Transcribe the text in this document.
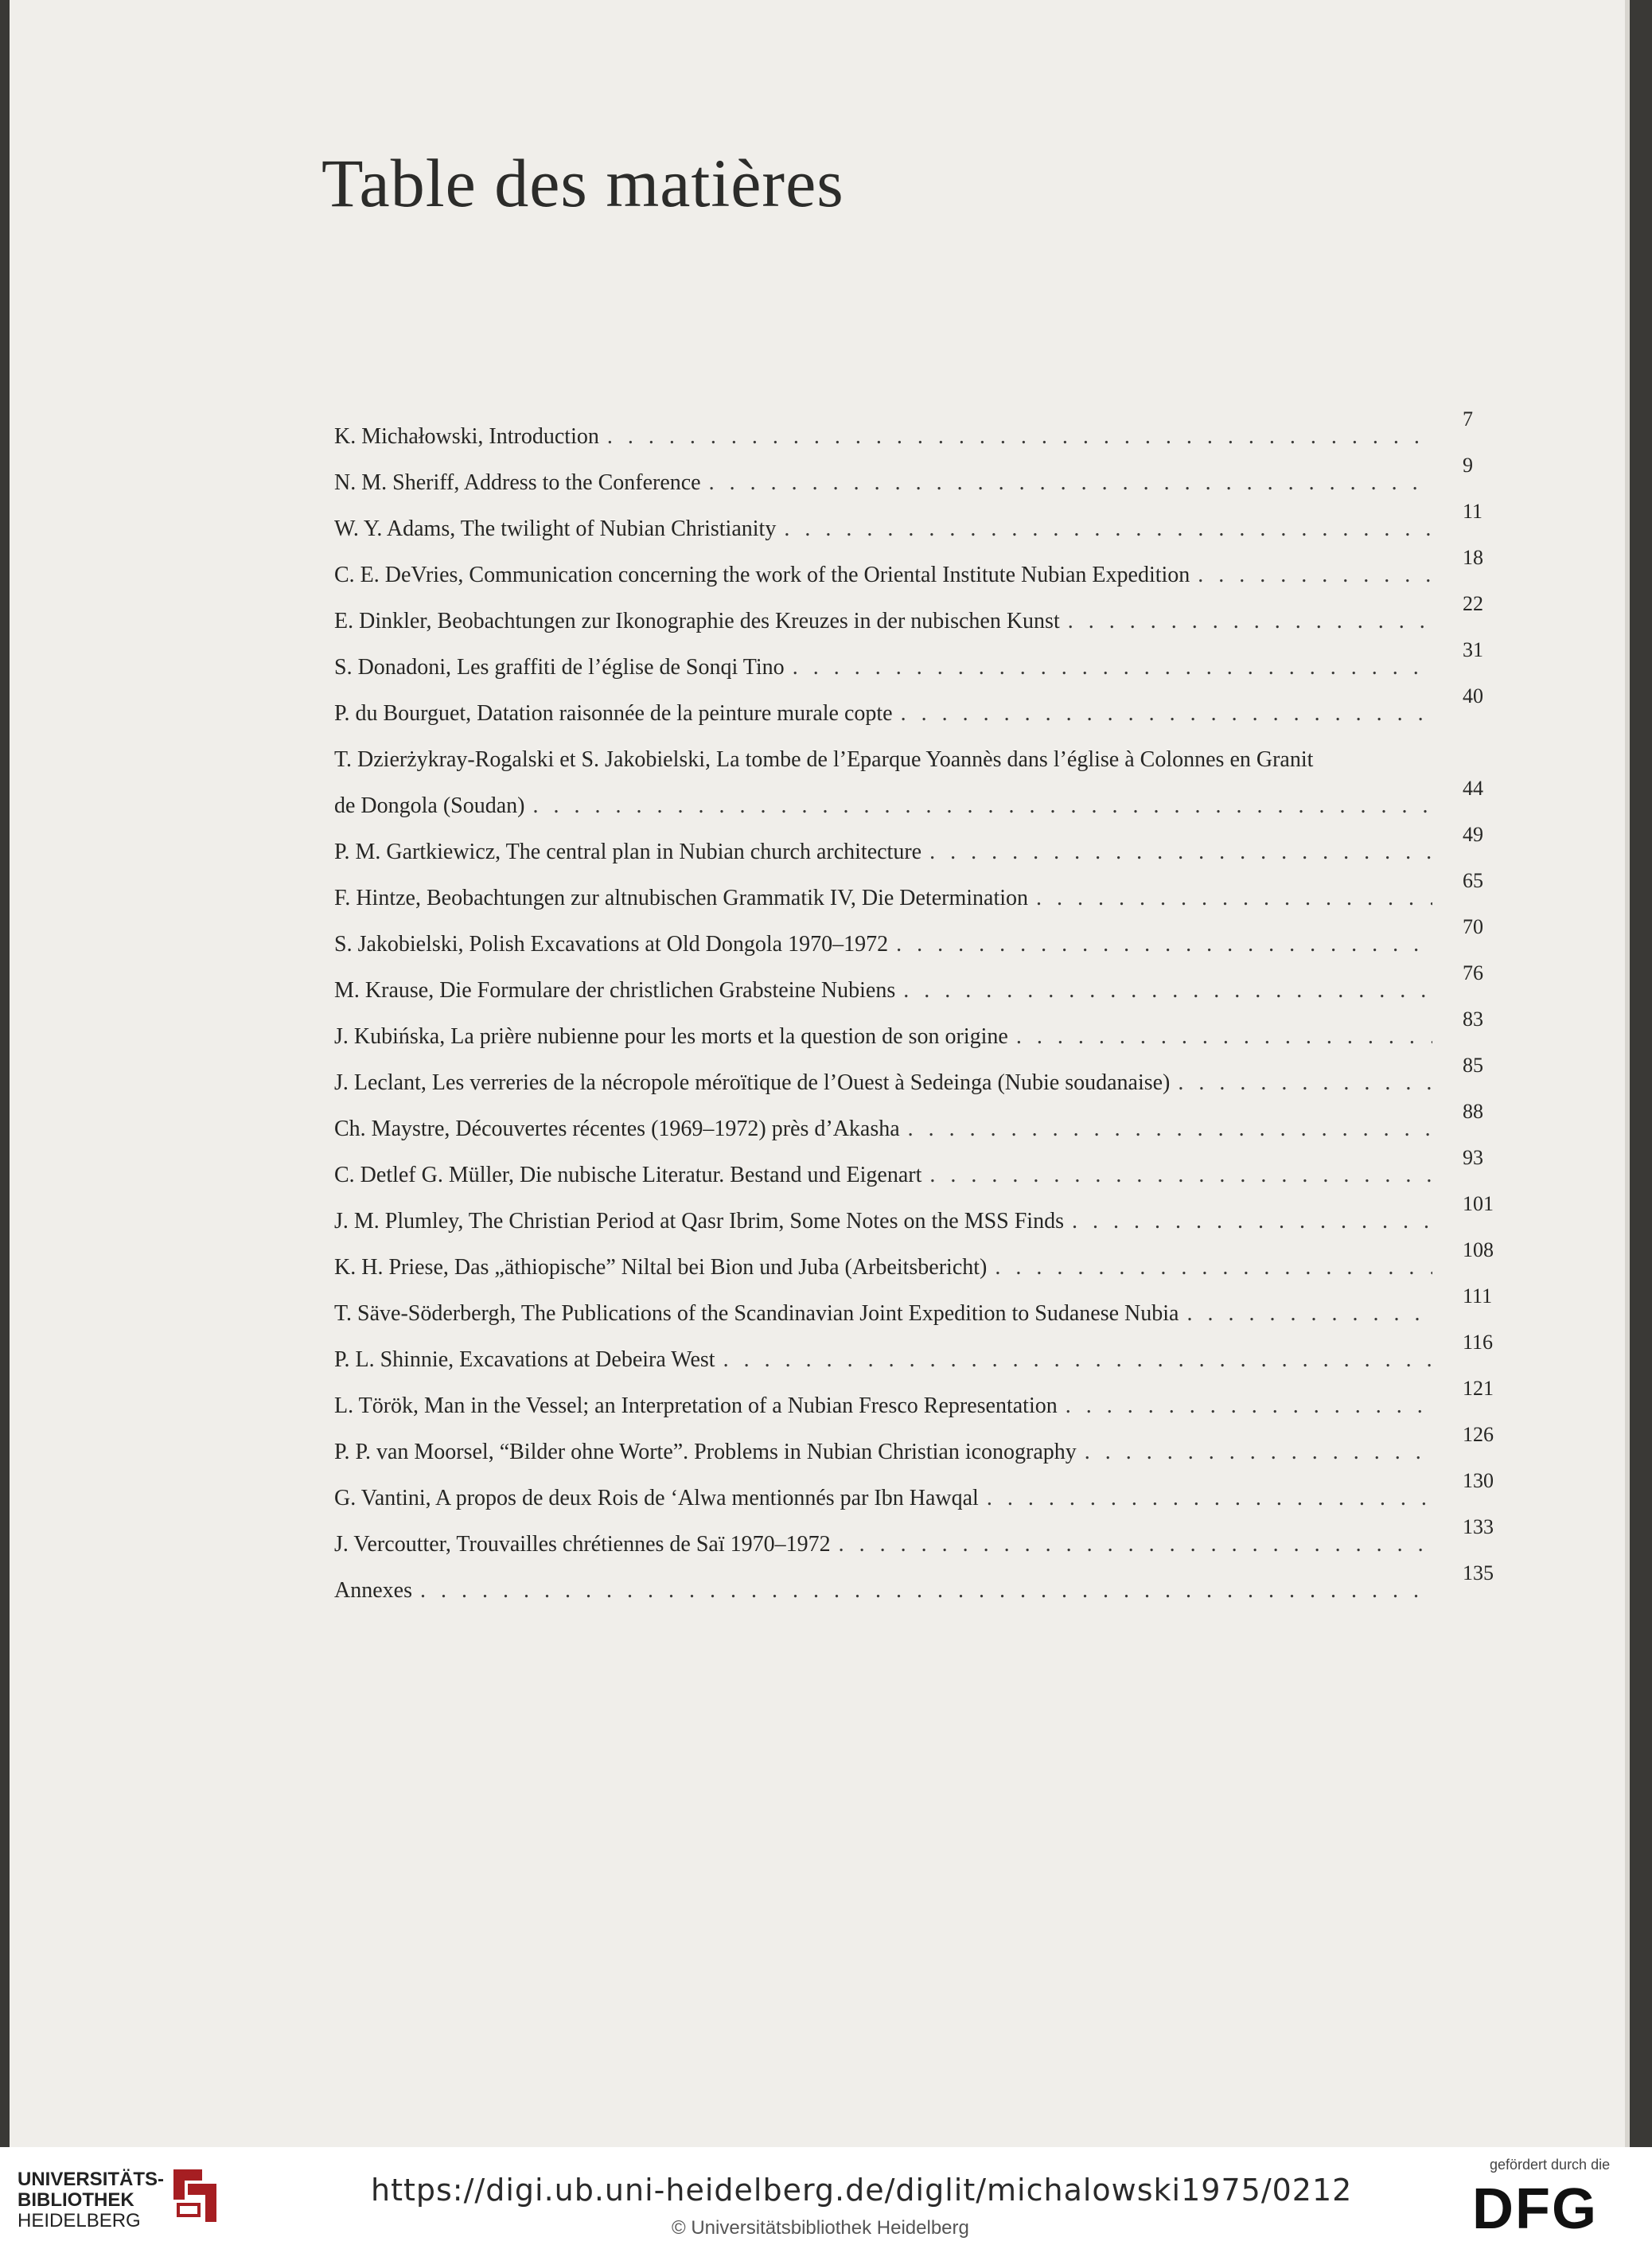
Table des matières
K. Michałowski, Introduction
. . .
7
N. M. Sheriff, Address to the Conference
. . .
9
W. Y. Adams, The twilight of Nubian Christianity
. . .
11
C. E. DeVries, Communication concerning the work of the Oriental Institute Nubian Expedition
. . .
18
E. Dinkler, Beobachtungen zur Ikonographie des Kreuzes in der nubischen Kunst
. . .
22
S. Donadoni, Les graffiti de l’église de Sonqi Tino
. . .
31
P. du Bourguet, Datation raisonnée de la peinture murale copte
. . .
40
T. Dzierżykray-Rogalski et S. Jakobielski, La tombe de l’Eparque Yoannès dans l’église à Colonnes en Granit
de Dongola (Soudan)
. . .
44
P. M. Gartkiewicz, The central plan in Nubian church architecture
. . .
49
F. Hintze, Beobachtungen zur altnubischen Grammatik IV, Die Determination
. . .
65
S. Jakobielski, Polish Excavations at Old Dongola 1970–1972
. . .
70
M. Krause, Die Formulare der christlichen Grabsteine Nubiens
. . .
76
J. Kubińska, La prière nubienne pour les morts et la question de son origine
. . .
83
J. Leclant, Les verreries de la nécropole méroïtique de l’Ouest à Sedeinga (Nubie soudanaise)
. . .
85
Ch. Maystre, Découvertes récentes (1969–1972) près d’Akasha
. . .
88
C. Detlef G. Müller, Die nubische Literatur. Bestand und Eigenart
. . .
93
J. M. Plumley, The Christian Period at Qasr Ibrim, Some Notes on the MSS Finds
. . .
101
K. H. Priese, Das „äthiopische” Niltal bei Bion und Juba (Arbeitsbericht)
. . .
108
T. Säve-Söderbergh, The Publications of the Scandinavian Joint Expedition to Sudanese Nubia
. . .
111
P. L. Shinnie, Excavations at Debeira West
. . .
116
L. Török, Man in the Vessel; an Interpretation of a Nubian Fresco Representation
. . .
121
P. P. van Moorsel, “Bilder ohne Worte”. Problems in Nubian Christian iconography
. . .
126
G. Vantini, A propos de deux Rois de ‘Alwa mentionnés par Ibn Hawqal
. . .
130
J. Vercoutter, Trouvailles chrétiennes de Saï 1970–1972
. . .
133
Annexes
. . .
135
UNIVERSITÄTS-
BIBLIOTHEK
HEIDELBERG
https://digi.ub.uni-heidelberg.de/diglit/michalowski1975/0212
© Universitätsbibliothek Heidelberg
gefördert durch die
DFG
